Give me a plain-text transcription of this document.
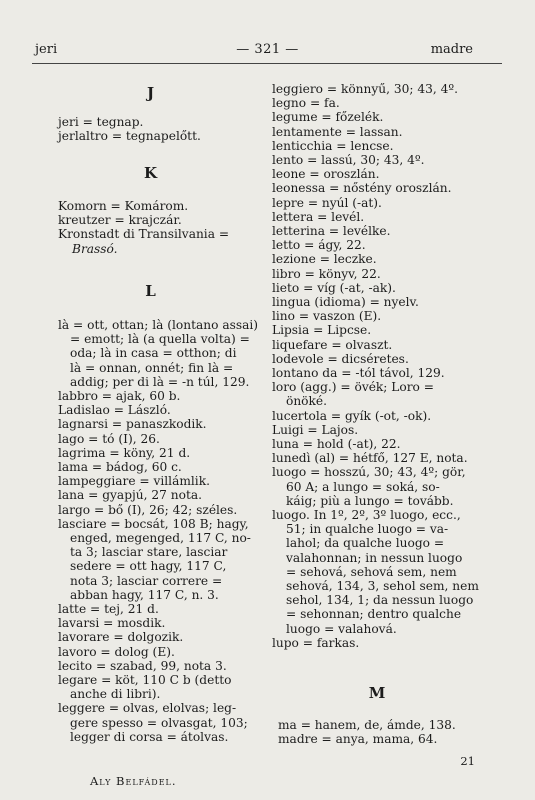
jeri	— 321 —	madre
J
jeri = tegnap.
jerlaltro = tegnapelőtt.
K
Komorn = Komárom.
kreutzer = krajczár.
Kronstadt di Transilvania =
Brassó.
L
là = ott, ottan; là (lontano assai)
= emott; là (a quella volta) =
oda; là in casa = otthon; di
là = onnan, onnét; fin là =
addig; per di là = -n túl, 129.
labbro = ajak, 60 b.
Ladislao = László.
lagnarsi = panaszkodik.
lago = tó (I), 26.
lagrima = köny, 21 d.
lama = bádog, 60 c.
lampeggiare = villámlik.
lana = gyapjú, 27 nota.
largo = bő (I), 26; 42; széles.
lasciare = bocsát, 108 B; hagy,
enged, megenged, 117 C, no-
ta 3; lasciar stare, lasciar
sedere = ott hagy, 117 C,
nota 3; lasciar correre =
abban hagy, 117 C, n. 3.
latte = tej, 21 d.
lavarsi = mosdik.
lavorare = dolgozik.
lavoro = dolog (E).
lecito = szabad, 99, nota 3.
legare = köt, 110 C b (detto
anche di libri).
leggere = olvas, elolvas; leg-
gere spesso = olvasgat, 103;
legger di corsa = átolvas.
leggiero = könnyű, 30; 43, 4º.
legno = fa.
legume = főzelék.
lentamente = lassan.
lenticchia = lencse.
lento = lassú, 30; 43, 4º.
leone = oroszlán.
leonessa = nőstény oroszlán.
lepre = nyúl (-at).
lettera = levél.
letterina = levélke.
letto = ágy, 22.
lezione = leczke.
libro = könyv, 22.
lieto = víg (-at, -ak).
lingua (idioma) = nyelv.
lino = vaszon (E).
Lipsia = Lipcse.
liquefare = olvaszt.
lodevole = dicséretes.
lontano da = -tól távol, 129.
loro (agg.) = övék; Loro =
önöké.
lucertola = gyík (-ot, -ok).
Luigi = Lajos.
luna = hold (-at), 22.
lunedì (al) = hétfő, 127 E, nota.
luogo = hosszú, 30; 43, 4º; gör,
60 A; a lungo = soká, so-
káig; più a lungo = tovább.
luogo. In 1º, 2º, 3º luogo, ecc.,
51; in qualche luogo = va-
lahol; da qualche luogo =
valahonnan; in nessun luogo
= sehová, sehová sem, nem
sehová, 134, 3, sehol sem, nem
sehol, 134, 1; da nessun luogo
= sehonnan; dentro qualche
luogo = valahová.
lupo = farkas.
M
ma = hanem, de, ámde, 138.
madre = anya, mama, 64.
Aly Belfádel.
21
